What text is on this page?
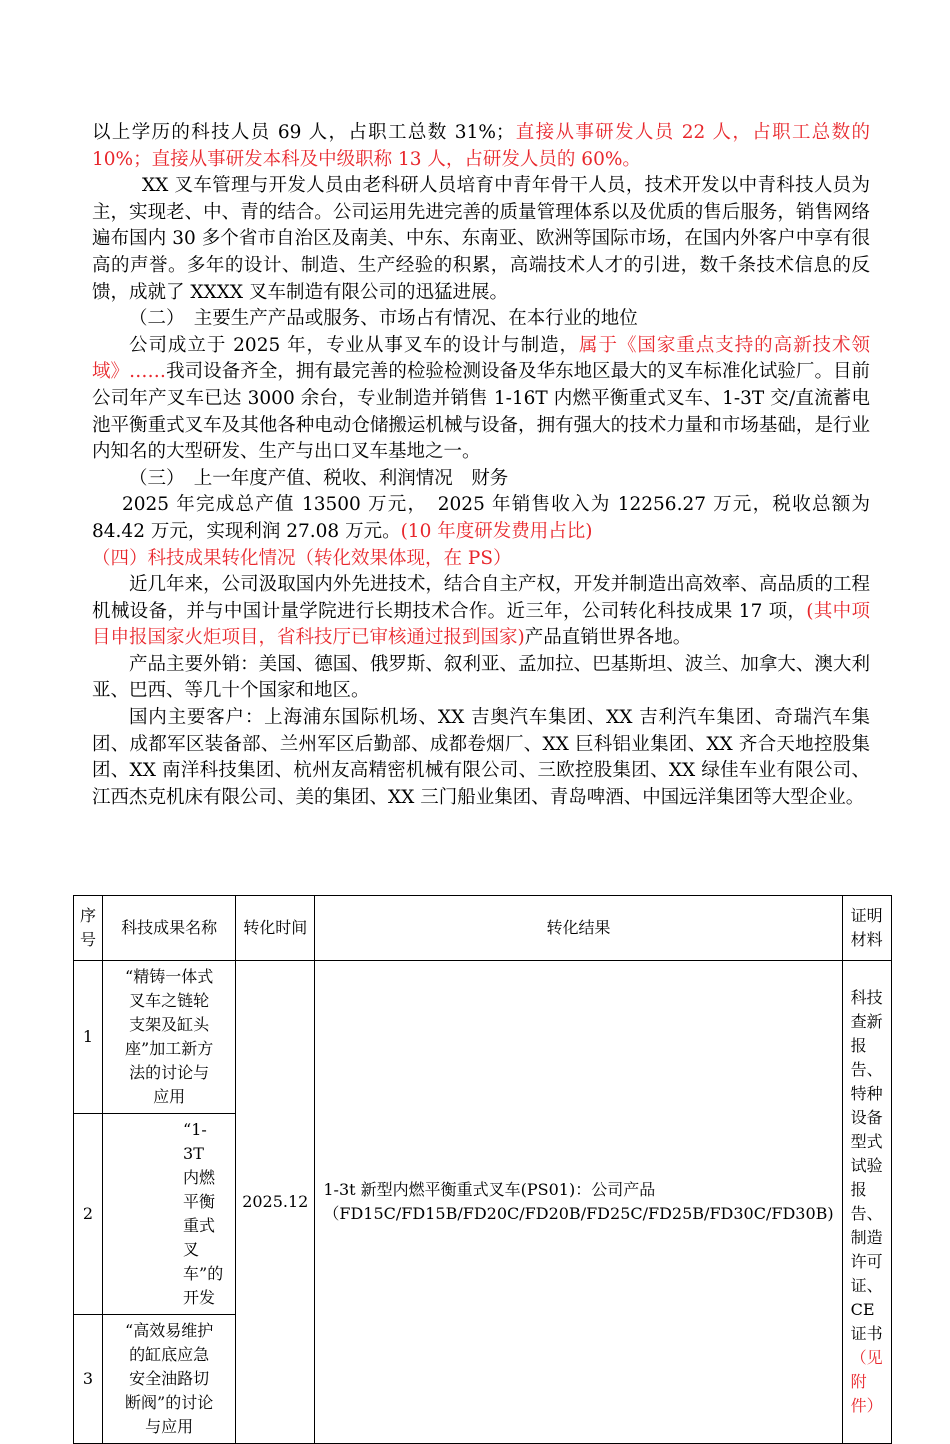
以上学历的科技人员 69 人，占职工总数 31%；直接从事研发人员 22 人，占职工总数的 10%；直接从事研发本科及中级职称 13 人，占研发人员的 60%。

XX 叉车管理与开发人员由老科研人员培育中青年骨干人员，技术开发以中青科技人员为主，实现老、中、青的结合。公司运用先进完善的质量管理体系以及优质的售后服务，销售网络遍布国内 30 多个省市自治区及南美、中东、东南亚、欧洲等国际市场，在国内外客户中享有很高的声誉。多年的设计、制造、生产经验的积累，高端技术人才的引进，数千条技术信息的反馈，成就了 XXXX 叉车制造有限公司的迅猛进展。

（二）　主要生产产品或服务、市场占有情况、在本行业的地位

公司成立于 2025 年，专业从事叉车的设计与制造，属于《国家重点支持的高新技术领域》……我司设备齐全，拥有最完善的检验检测设备及华东地区最大的叉车标准化试验厂。目前公司年产叉车已达 3000 余台，专业制造并销售 1-16T 内燃平衡重式叉车、1-3T 交/直流蓄电池平衡重式叉车及其他各种电动仓储搬运机械与设备，拥有强大的技术力量和市场基础，是行业内知名的大型研发、生产与出口叉车基地之一。

（三）　上一年度产值、税收、利润情况　财务

2025 年完成总产值 13500 万元，　2025 年销售收入为 12256.27 万元，税收总额为 84.42 万元，实现利润 27.08 万元。(10 年度研发费用占比)

（四）科技成果转化情况（转化效果体现，在 PS）

近几年来，公司汲取国内外先进技术，结合自主产权，开发并制造出高效率、高品质的工程机械设备，并与中国计量学院进行长期技术合作。近三年，公司转化科技成果 17 项，(其中项目申报国家火炬项目，省科技厅已审核通过报到国家)产品直销世界各地。

产品主要外销：美国、德国、俄罗斯、叙利亚、孟加拉、巴基斯坦、波兰、加拿大、澳大利亚、巴西、等几十个国家和地区。

国内主要客户：上海浦东国际机场、XX 吉奥汽车集团、XX 吉利汽车集团、奇瑞汽车集团、成都军区装备部、兰州军区后勤部、成都卷烟厂、XX 巨科铝业集团、XX 齐合天地控股集团、XX 南洋科技集团、杭州友高精密机械有限公司、三欧控股集团、XX 绿佳车业有限公司、江西杰克机床有限公司、美的集团、XX 三门船业集团、青岛啤酒、中国远洋集团等大型企业。

序号	科技成果名称	转化时间	转化结果	证明材料
1	“精铸一体式叉车之链轮支架及缸头座”加工新方法的讨论与应用	2025.12	1-3t 新型内燃平衡重式叉车(PS01)：公司产品（FD15C/FD15B/FD20C/FD20B/FD25C/FD25B/FD30C/FD30B)	科技查新报告、特种设备型式试验报告、制造许可证、CE 证书（见附件）
2	“1-3T 内燃平衡重式叉车”的开发			
3	“高效易维护的缸底应急安全油路切断阀”的讨论与应用			
